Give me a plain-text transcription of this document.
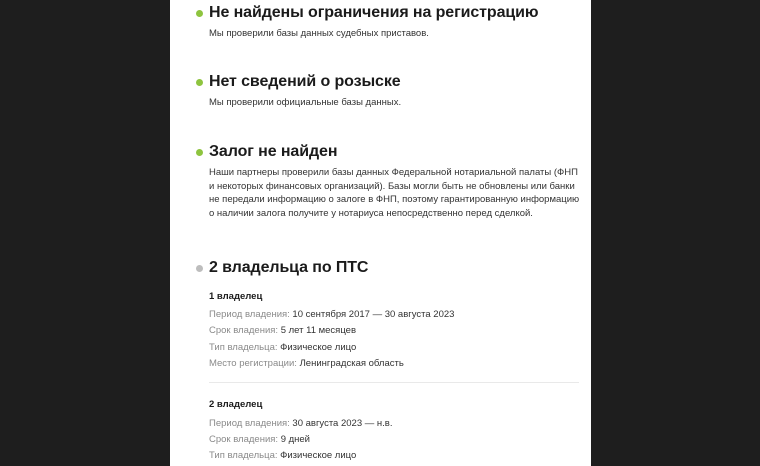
Не найдены ограничения на регистрацию
Мы проверили базы данных судебных приставов.
Нет сведений о розыске
Мы проверили официальные базы данных.
Залог не найден
Наши партнеры проверили базы данных Федеральной нотариальной палаты (ФНП и некоторых финансовых организаций). Базы могли быть не обновлены или банки не передали информацию о залоге в ФНП, поэтому гарантированную информацию о наличии залога получите у нотариуса непосредственно перед сделкой.
2 владельца по ПТС
1 владелец
Период владения: 10 сентября 2017 — 30 августа 2023
Срок владения: 5 лет 11 месяцев
Тип владельца: Физическое лицо
Место регистрации: Ленинградская область
2 владелец
Период владения: 30 августа 2023 — н.в.
Срок владения: 9 дней
Тип владельца: Физическое лицо
